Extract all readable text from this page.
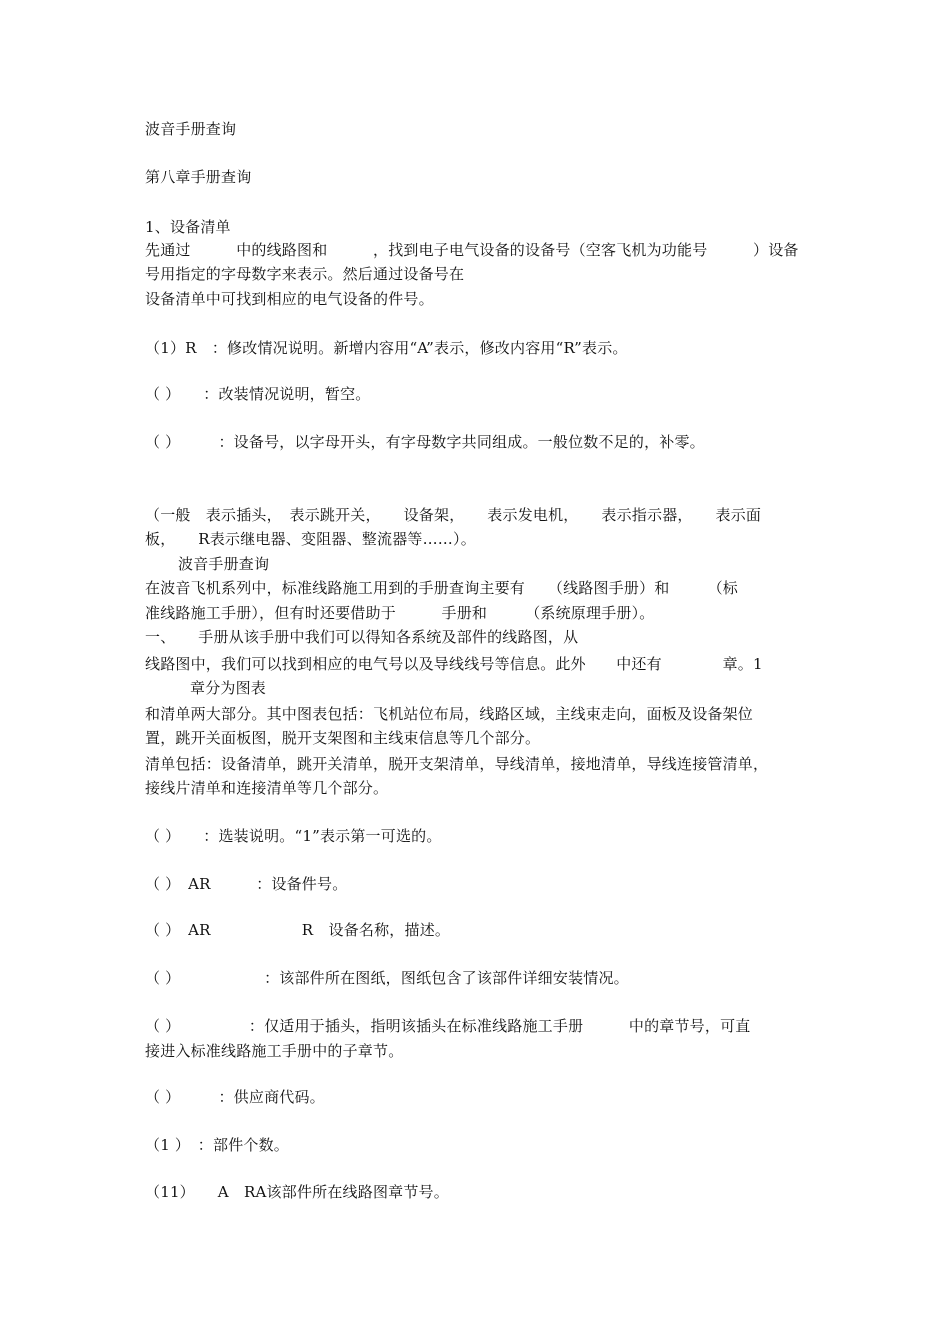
波音手册查询
第八章手册查询
1、设备清单
先通过　　　中的线路图和　　　，找到电子电气设备的设备号（空客飞机为功能号　　　）设备
号用指定的字母数字来表示。然后通过设备号在
设备清单中可找到相应的电气设备的件号。
（1）R　：修改情况说明。新增内容用“A”表示，修改内容用“R”表示。
（ ）　　：改装情况说明，暂空。
（ ）　　　：设备号，以字母开头，有字母数字共同组成。一般位数不足的，补零。
（一般　表示插头，　表示跳开关，　　设备架，　　表示发电机，　　表示指示器，　　表示面
板，　　R表示继电器、变阻器、整流器等……）。
波音手册查询
在波音飞机系列中，标准线路施工用到的手册查询主要有　　（线路图手册）和　　　（标
准线路施工手册），但有时还要借助于　　　手册和　　　（系统原理手册）。
一、　　手册从该手册中我们可以得知各系统及部件的线路图，从
线路图中，我们可以找到相应的电气号以及导线线号等信息。此外　　中还有　　　　章。1
章分为图表
和清单两大部分。其中图表包括：飞机站位布局，线路区域，主线束走向，面板及设备架位
置，跳开关面板图，脱开支架图和主线束信息等几个部分。
清单包括：设备清单，跳开关清单，脱开支架清单，导线清单，接地清单，导线连接管清单，
接线片清单和连接清单等几个部分。
（ ）　　：选装说明。“1”表示第一可选的。
（ ）　AR　　　：设备件号。
（ ）　AR　　　　　　R　设备名称，描述。
（ ）　　　　　　：该部件所在图纸，图纸包含了该部件详细安装情况。
（ ）　　　　　：仅适用于插头，指明该插头在标准线路施工手册　　　中的章节号，可直
接进入标准线路施工手册中的子章节。
（ ）　　　：供应商代码。
（1 ）　：部件个数。
（11）　　A　RA该部件所在线路图章节号。
